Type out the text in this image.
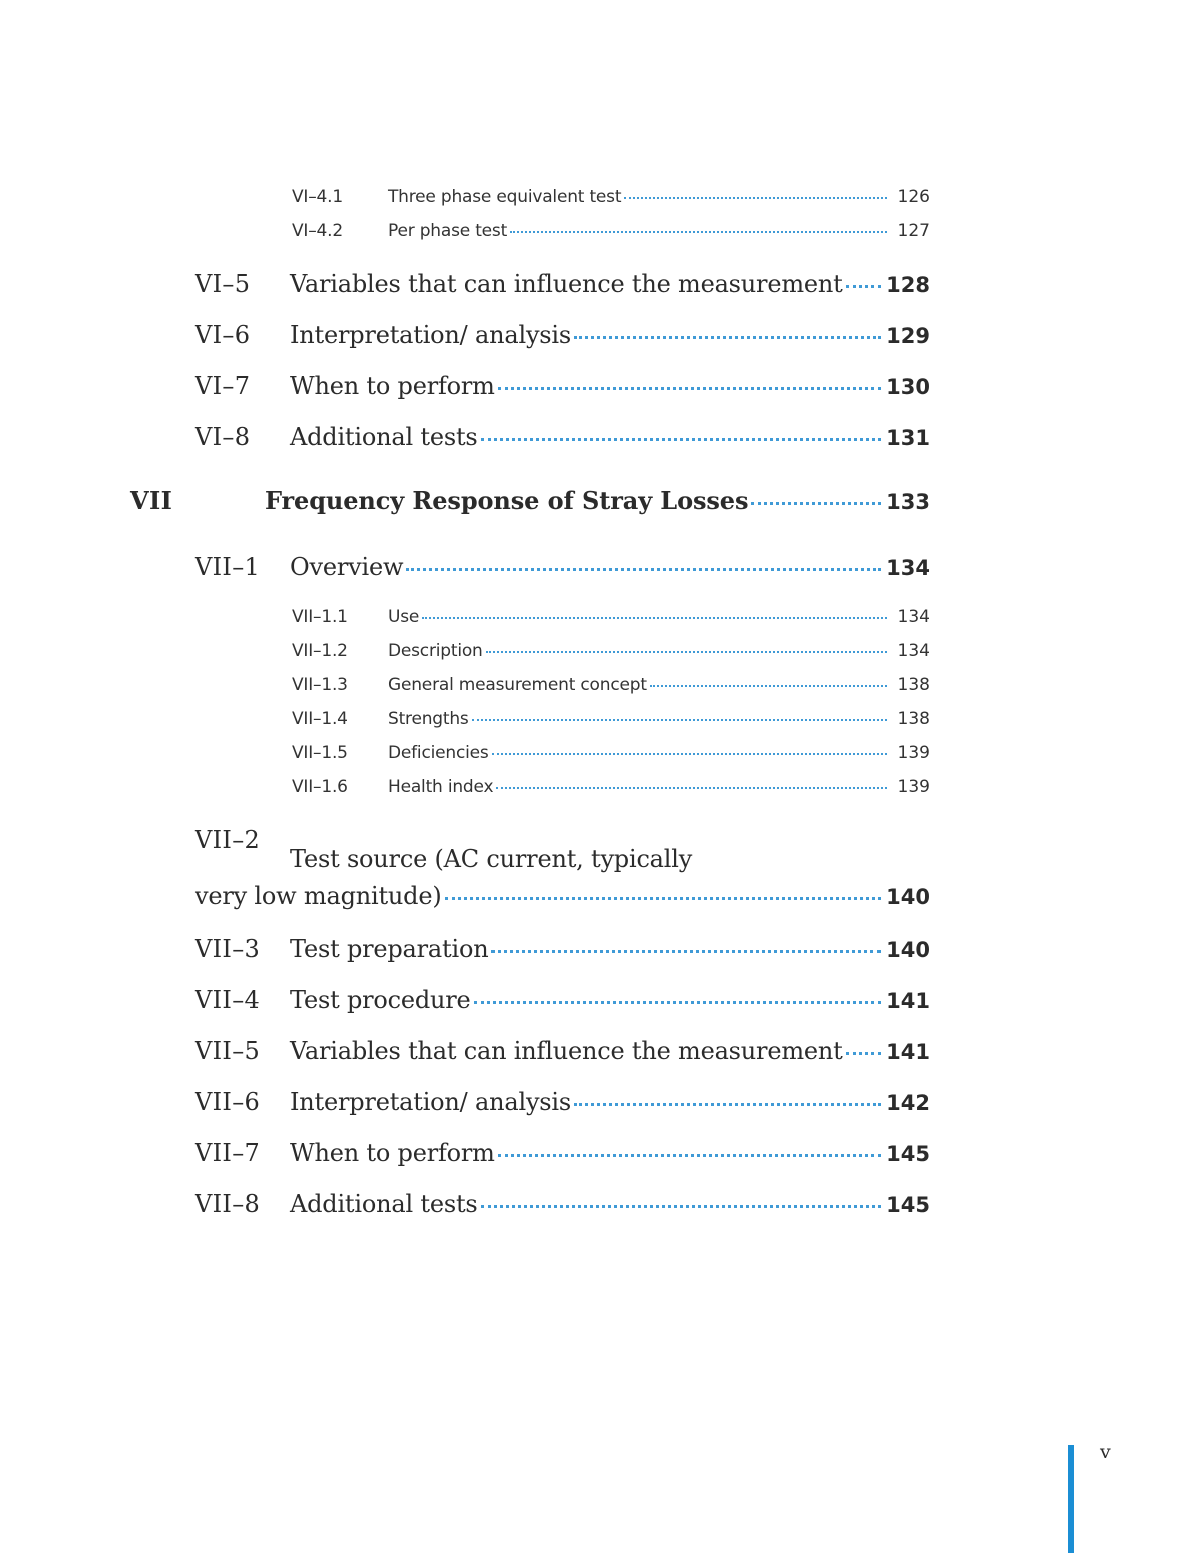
VI–4.1	Three phase equivalent test	126
VI–4.2	Per phase test	127
VI–5	Variables that can influence the measurement 128
VI–6	Interpretation/ analysis	129
VI–7	When to perform	130
VI–8	Additional tests	131
VII	Frequency Response of Stray Losses	133
VII–1	Overview	134
VII–1.1	Use	134
VII–1.2	Description	134
VII–1.3	General measurement concept	138
VII–1.4	Strengths	138
VII–1.5	Deficiencies	139
VII–1.6	Health index	139
VII–2
Test source (AC current, typically
very low magnitude)	140
VII–3	Test preparation	140
VII–4	Test procedure	141
VII–5	Variables that can influence the measurement 141
VII–6	Interpretation/ analysis	142
VII–7	When to perform	145
VII–8	Additional tests	145
v
